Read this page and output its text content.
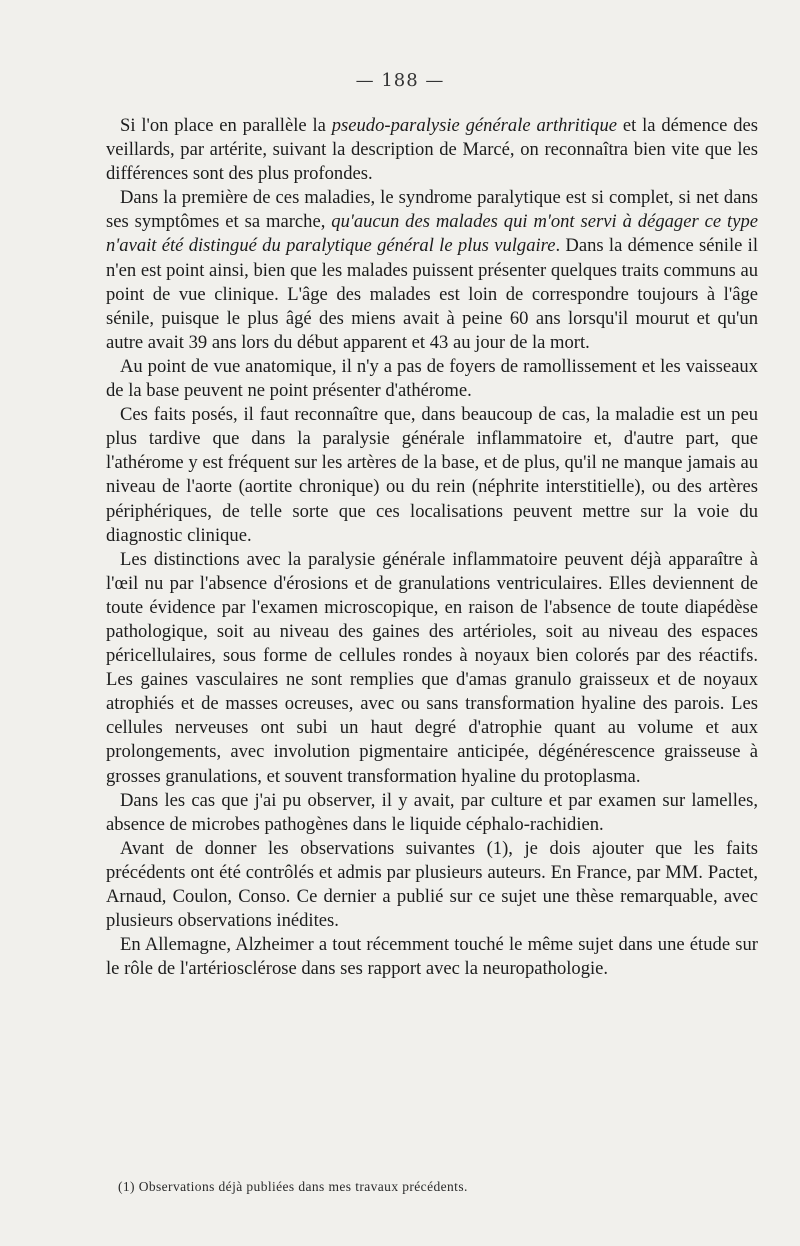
— 188 —

Si l'on place en parallèle la pseudo-paralysie générale arthritique et la démence des veillards, par artérite, suivant la description de Marcé, on reconnaîtra bien vite que les différences sont des plus profondes.

Dans la première de ces maladies, le syndrome paralytique est si complet, si net dans ses symptômes et sa marche, qu'aucun des malades qui m'ont servi à dégager ce type n'avait été distingué du paralytique général le plus vulgaire. Dans la démence sénile il n'en est point ainsi, bien que les malades puissent présenter quelques traits communs au point de vue clinique. L'âge des malades est loin de correspondre toujours à l'âge sénile, puisque le plus âgé des miens avait à peine 60 ans lorsqu'il mourut et qu'un autre avait 39 ans lors du début apparent et 43 au jour de la mort.

Au point de vue anatomique, il n'y a pas de foyers de ramollissement et les vaisseaux de la base peuvent ne point présenter d'athérome.

Ces faits posés, il faut reconnaître que, dans beaucoup de cas, la maladie est un peu plus tardive que dans la paralysie générale inflammatoire et, d'autre part, que l'athérome y est fréquent sur les artères de la base, et de plus, qu'il ne manque jamais au niveau de l'aorte (aortite chronique) ou du rein (néphrite interstitielle), ou des artères périphériques, de telle sorte que ces localisations peuvent mettre sur la voie du diagnostic clinique.

Les distinctions avec la paralysie générale inflammatoire peuvent déjà apparaître à l'œil nu par l'absence d'érosions et de granulations ventriculaires. Elles deviennent de toute évidence par l'examen microscopique, en raison de l'absence de toute diapédèse pathologique, soit au niveau des gaines des artérioles, soit au niveau des espaces péricellulaires, sous forme de cellules rondes à noyaux bien colorés par des réactifs. Les gaines vasculaires ne sont remplies que d'amas granulo graisseux et de noyaux atrophiés et de masses ocreuses, avec ou sans transformation hyaline des parois. Les cellules nerveuses ont subi un haut degré d'atrophie quant au volume et aux prolongements, avec involution pigmentaire anticipée, dégénérescence graisseuse à grosses granulations, et souvent transformation hyaline du protoplasma.

Dans les cas que j'ai pu observer, il y avait, par culture et par examen sur lamelles, absence de microbes pathogènes dans le liquide céphalo-rachidien.

Avant de donner les observations suivantes (1), je dois ajouter que les faits précédents ont été contrôlés et admis par plusieurs auteurs. En France, par MM. Pactet, Arnaud, Coulon, Conso. Ce dernier a publié sur ce sujet une thèse remarquable, avec plusieurs observations inédites.

En Allemagne, Alzheimer a tout récemment touché le même sujet dans une étude sur le rôle de l'artériosclérose dans ses rapport avec la neuropathologie.

(1) Observations déjà publiées dans mes travaux précédents.
